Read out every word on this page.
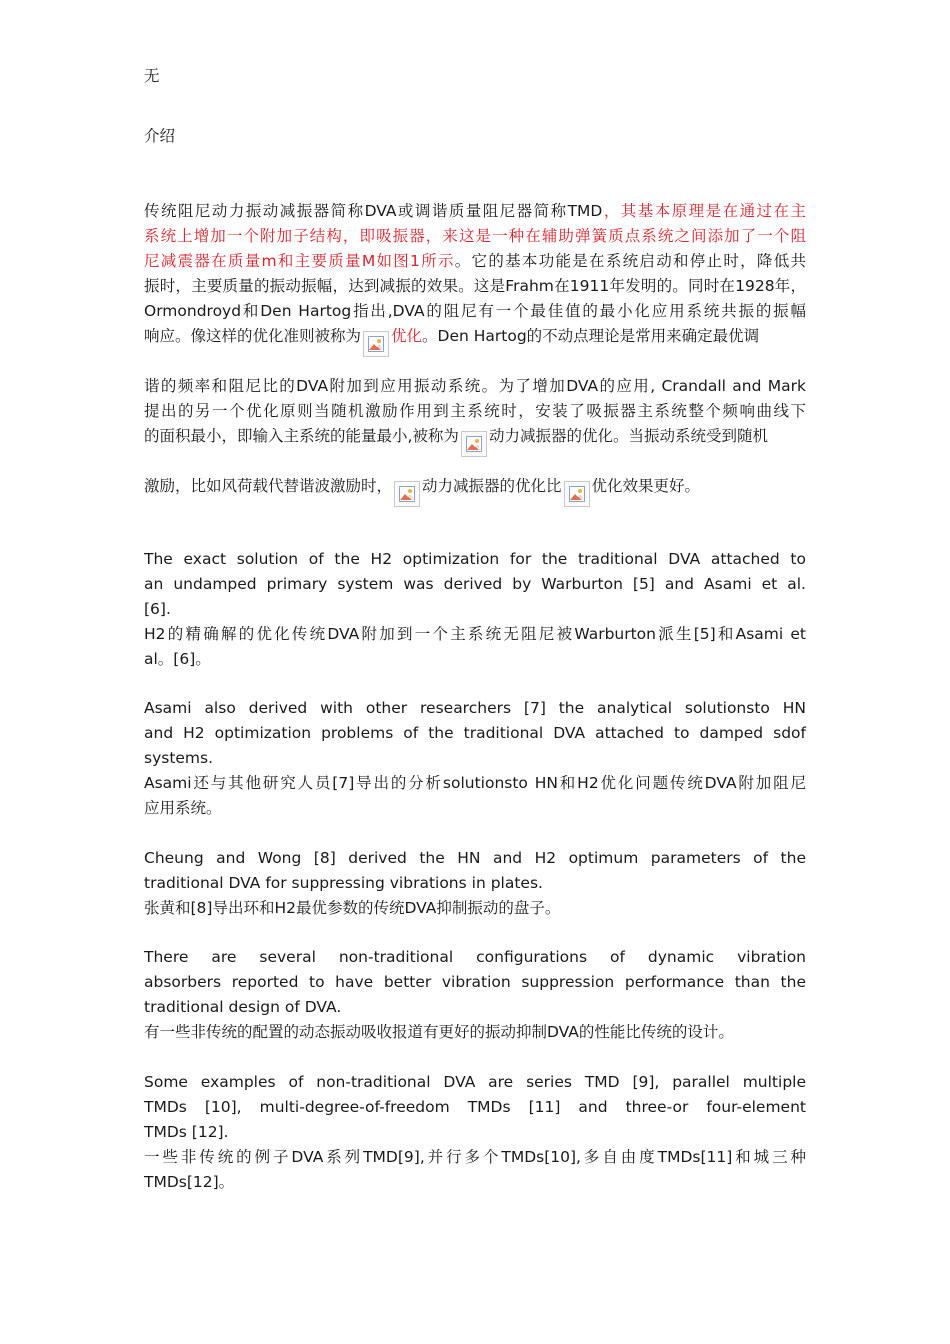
无
介绍
传统阻尼动力振动减振器简称DVA或调谐质量阻尼器简称TMD，其基本原理是在通过在主
系统上增加一个附加子结构，即吸振器，来这是一种在辅助弹簧质点系统之间添加了一个阻
尼减震器在质量m和主要质量M如图1所示。它的基本功能是在系统启动和停止时，降低共
振时，主要质量的振动振幅，达到减振的效果。这是Frahm在1911年发明的。同时在1928年，
Ormondroyd和Den Hartog指出,DVA的阻尼有一个最佳值的最小化应用系统共振的振幅
响应。像这样的优化准则被称为 优化。Den Hartog的不动点理论是常用来确定最优调
谐的频率和阻尼比的DVA附加到应用振动系统。为了增加DVA的应用, Crandall and Mark
提出的另一个优化原则当随机激励作用到主系统时，安装了吸振器主系统整个频响曲线下
的面积最小，即输入主系统的能量最小,被称为 动力减振器的优化。当振动系统受到随机
激励，比如风荷载代替谐波激励时， 动力减振器的优化比 优化效果更好。
The exact solution of the H2 optimization for the traditional DVA attached to
an undamped primary system was derived by Warburton [5] and Asami et al.
[6].
H2的精确解的优化传统DVA附加到一个主系统无阻尼被Warburton派生[5]和Asami et
al。[6]。
Asami also derived with other researchers [7] the analytical solutionsto HN
and H2 optimization problems of the traditional DVA attached to damped sdof
systems.
Asami还与其他研究人员[7]导出的分析solutionsto HN和H2优化问题传统DVA附加阻尼
应用系统。
Cheung and Wong [8] derived the HN and H2 optimum parameters of the
traditional DVA for suppressing vibrations in plates.
张黄和[8]导出环和H2最优参数的传统DVA抑制振动的盘子。
There are several non-traditional configurations of dynamic vibration
absorbers reported to have better vibration suppression performance than the
traditional design of DVA.
有一些非传统的配置的动态振动吸收报道有更好的振动抑制DVA的性能比传统的设计。
Some examples of non-traditional DVA are series TMD [9], parallel multiple
TMDs [10], multi-degree-of-freedom TMDs [11] and three-or four-element
TMDs [12].
一些非传统的例子DVA系列TMD[9],并行多个TMDs[10],多自由度TMDs[11]和城三种
TMDs[12]。
